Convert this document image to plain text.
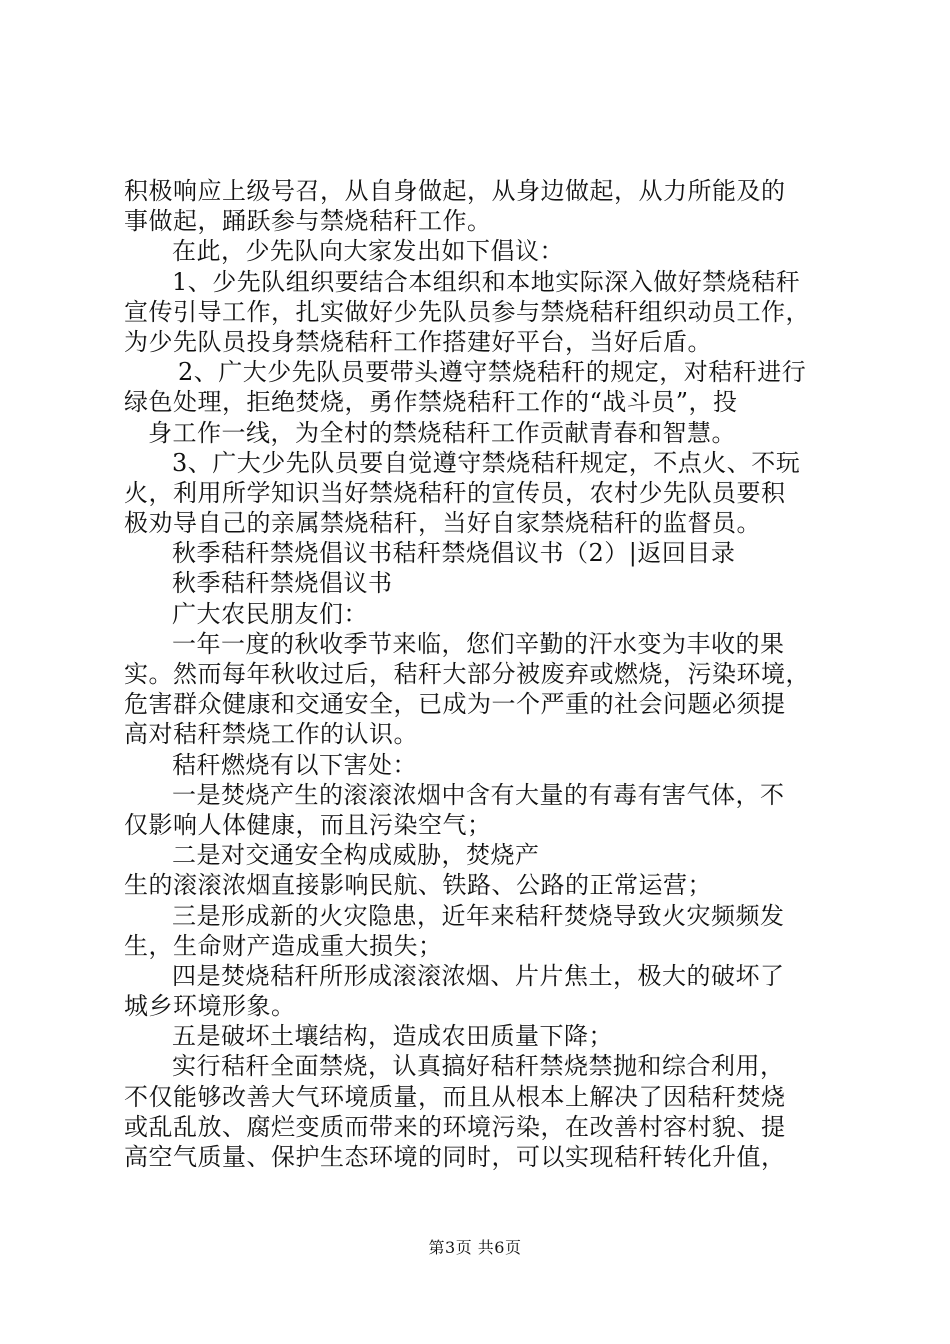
积极响应上级号召，从自身做起，从身边做起，从力所能及的
事做起，踊跃参与禁烧秸秆工作。
在此，少先队向大家发出如下倡议：
1、少先队组织要结合本组织和本地实际深入做好禁烧秸秆
宣传引导工作，扎实做好少先队员参与禁烧秸秆组织动员工作，
为少先队员投身禁烧秸秆工作搭建好平台，当好后盾。
2、广大少先队员要带头遵守禁烧秸秆的规定，对秸秆进行
绿色处理，拒绝焚烧，勇作禁烧秸秆工作的“战斗员”，投
身工作一线，为全村的禁烧秸秆工作贡献青春和智慧。
3、广大少先队员要自觉遵守禁烧秸秆规定，不点火、不玩
火，利用所学知识当好禁烧秸秆的宣传员，农村少先队员要积
极劝导自己的亲属禁烧秸秆，当好自家禁烧秸秆的监督员。
秋季秸秆禁烧倡议书秸秆禁烧倡议书（2）|返回目录
秋季秸秆禁烧倡议书
广大农民朋友们：
一年一度的秋收季节来临，您们辛勤的汗水变为丰收的果
实。然而每年秋收过后，秸秆大部分被废弃或燃烧，污染环境，
危害群众健康和交通安全，已成为一个严重的社会问题必须提
高对秸秆禁烧工作的认识。
秸秆燃烧有以下害处：
一是焚烧产生的滚滚浓烟中含有大量的有毒有害气体，不
仅影响人体健康，而且污染空气；
二是对交通安全构成威胁，焚烧产
生的滚滚浓烟直接影响民航、铁路、公路的正常运营；
三是形成新的火灾隐患，近年来秸秆焚烧导致火灾频频发
生，生命财产造成重大损失；
四是焚烧秸秆所形成滚滚浓烟、片片焦土，极大的破坏了
城乡环境形象。
五是破坏土壤结构，造成农田质量下降；
实行秸秆全面禁烧，认真搞好秸秆禁烧禁抛和综合利用，
不仅能够改善大气环境质量，而且从根本上解决了因秸秆焚烧
或乱乱放、腐烂变质而带来的环境污染，在改善村容村貌、提
高空气质量、保护生态环境的同时，可以实现秸秆转化升值，
第3页 共6页
